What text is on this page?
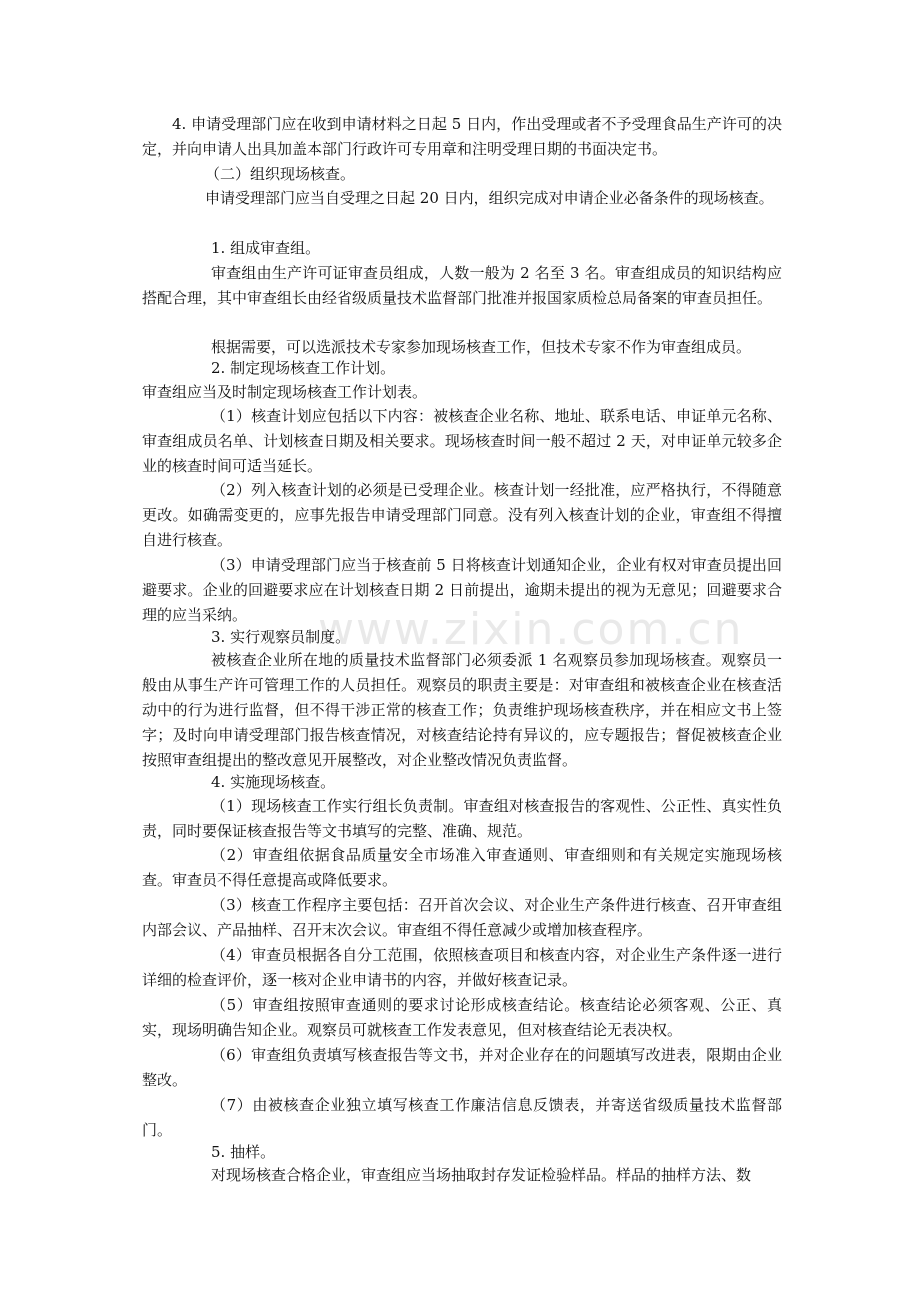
www.zixin.com.cn

4. 申请受理部门应在收到申请材料之日起 5 日内，作出受理或者不予受理食品生产许可的决定，并向申请人出具加盖本部门行政许可专用章和注明受理日期的书面决定书。

（二）组织现场核查。

申请受理部门应当自受理之日起 20 日内，组织完成对申请企业必备条件的现场核查。

1. 组成审查组。

审查组由生产许可证审查员组成，人数一般为 2 名至 3 名。审查组成员的知识结构应搭配合理，其中审查组长由经省级质量技术监督部门批准并报国家质检总局备案的审查员担任。

根据需要，可以选派技术专家参加现场核查工作，但技术专家不作为审查组成员。

2. 制定现场核查工作计划。

审查组应当及时制定现场核查工作计划表。

（1）核查计划应包括以下内容：被核查企业名称、地址、联系电话、申证单元名称、审查组成员名单、计划核查日期及相关要求。现场核查时间一般不超过 2 天，对申证单元较多企业的核查时间可适当延长。

（2）列入核查计划的必须是已受理企业。核查计划一经批准，应严格执行，不得随意更改。如确需变更的，应事先报告申请受理部门同意。没有列入核查计划的企业，审查组不得擅自进行核查。

（3）申请受理部门应当于核查前 5 日将核查计划通知企业，企业有权对审查员提出回避要求。企业的回避要求应在计划核查日期 2 日前提出，逾期未提出的视为无意见；回避要求合理的应当采纳。

3. 实行观察员制度。

被核查企业所在地的质量技术监督部门必须委派 1 名观察员参加现场核查。观察员一般由从事生产许可管理工作的人员担任。观察员的职责主要是：对审查组和被核查企业在核查活动中的行为进行监督，但不得干涉正常的核查工作；负责维护现场核查秩序，并在相应文书上签字；及时向申请受理部门报告核查情况，对核查结论持有异议的，应专题报告；督促被核查企业按照审查组提出的整改意见开展整改，对企业整改情况负责监督。

4. 实施现场核查。

（1）现场核查工作实行组长负责制。审查组对核查报告的客观性、公正性、真实性负责，同时要保证核查报告等文书填写的完整、准确、规范。

（2）审查组依据食品质量安全市场准入审查通则、审查细则和有关规定实施现场核查。审查员不得任意提高或降低要求。

（3）核查工作程序主要包括：召开首次会议、对企业生产条件进行核查、召开审查组内部会议、产品抽样、召开末次会议。审查组不得任意减少或增加核查程序。

（4）审查员根据各自分工范围，依照核查项目和核查内容，对企业生产条件逐一进行详细的检查评价，逐一核对企业申请书的内容，并做好核查记录。

（5）审查组按照审查通则的要求讨论形成核查结论。核查结论必须客观、公正、真实，现场明确告知企业。观察员可就核查工作发表意见，但对核查结论无表决权。

（6）审查组负责填写核查报告等文书，并对企业存在的问题填写改进表，限期由企业整改。

（7）由被核查企业独立填写核查工作廉洁信息反馈表，并寄送省级质量技术监督部门。

5. 抽样。

对现场核查合格企业，审查组应当场抽取封存发证检验样品。样品的抽样方法、数
